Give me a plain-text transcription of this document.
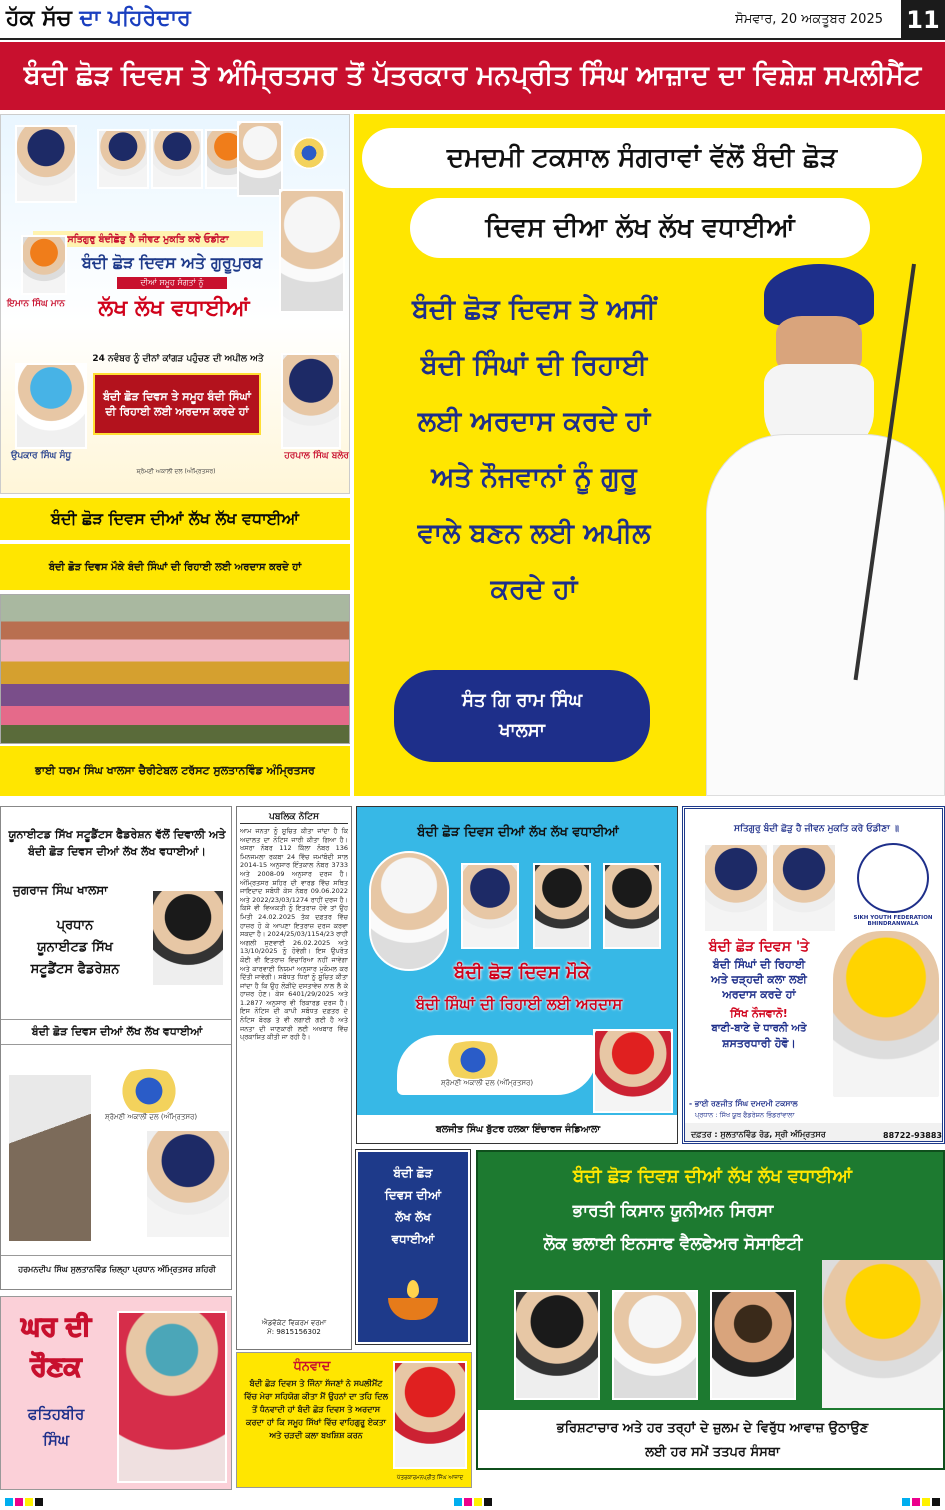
ਹੱਕ ਸੱਚ ਦਾ ਪਹਿਰੇਦਾਰ	ਸੋਮਵਾਰ, 20 ਅਕਤੂਬਰ 2025 11
ਬੰਦੀ ਛੋੜ ਦਿਵਸ ਤੇ ਅੰਮ੍ਰਿਤਸਰ ਤੋਂ ਪੱਤਰਕਾਰ ਮਨਪ੍ਰੀਤ ਸਿੰਘ ਆਜ਼ਾਦ ਦਾ ਵਿਸ਼ੇਸ਼ ਸਪਲੀਮੈਂਟ
ਸਤਿਗੁਰੁ ਬੰਦੀਛੋੜੁ ਹੈ ਜੀਵਣ ਮੁਕਤਿ ਕਰੇ ਓਡੀਣਾ
ਬੰਦੀ ਛੋੜ ਦਿਵਸ ਅਤੇ ਗੁਰੂਪੁਰਬ
ਦੀਆਂ ਸਮੂਹ ਸੰਗਤਾਂ ਨੂੰ
ਲੱਖ ਲੱਖ ਵਧਾਈਆਂ
ਇਮਾਨ ਸਿੰਘ ਮਾਨ
24 ਨਵੰਬਰ ਨੂੰ ਦੀਨਾਂ ਕਾਂਗੜ ਪਹੁੰਚਣ ਦੀ ਅਪੀਲ ਅਤੇ
ਬੰਦੀ ਛੋੜ ਦਿਵਸ ਤੇ ਸਮੂਹ ਬੰਦੀ ਸਿੰਘਾਂ ਦੀ ਰਿਹਾਈ ਲਈ ਅਰਦਾਸ ਕਰਦੇ ਹਾਂ
ਉਪਕਾਰ ਸਿੰਘ ਸੰਧੂ	ਹਰਪਾਲ ਸਿੰਘ ਬਲੇਰ
ਸ਼੍ਰੋਮਣੀ ਅਕਾਲੀ ਦਲ (ਅੰਮ੍ਰਿਤਸਰ)
ਬੰਦੀ ਛੋੜ ਦਿਵਸ ਦੀਆਂ ਲੱਖ ਲੱਖ ਵਧਾਈਆਂ
ਬੰਦੀ ਛੋੜ ਦਿਵਸ ਮੌਕੇ ਬੰਦੀ ਸਿੰਘਾਂ ਦੀ ਰਿਹਾਈ ਲਈ ਅਰਦਾਸ ਕਰਦੇ ਹਾਂ
ਭਾਈ ਧਰਮ ਸਿੰਘ ਖਾਲਸਾ ਚੈਰੀਟੇਬਲ ਟਰੱਸਟ ਸੁਲਤਾਨਵਿੰਡ ਅੰਮ੍ਰਿਤਸਰ
ਦਮਦਮੀ ਟਕਸਾਲ ਸੰਗਰਾਵਾਂ ਵੱਲੋਂ ਬੰਦੀ ਛੋੜ
ਦਿਵਸ ਦੀਆ ਲੱਖ ਲੱਖ ਵਧਾਈਆਂ
ਬੰਦੀ ਛੋੜ ਦਿਵਸ ਤੇ ਅਸੀਂ
ਬੰਦੀ ਸਿੰਘਾਂ ਦੀ ਰਿਹਾਈ
ਲਈ ਅਰਦਾਸ ਕਰਦੇ ਹਾਂ
ਅਤੇ ਨੌਜਵਾਨਾਂ ਨੂੰ ਗੁਰੂ
ਵਾਲੇ ਬਣਨ ਲਈ ਅਪੀਲ
ਕਰਦੇ ਹਾਂ
ਸੰਤ ਗਿ ਰਾਮ ਸਿੰਘ
ਖਾਲਸਾ
ਯੂਨਾਈਟਡ ਸਿੱਖ ਸਟੂਡੈਂਟਸ ਫੈਡਰੇਸ਼ਨ ਵੱਲੋਂ ਦਿਵਾਲੀ ਅਤੇ ਬੰਦੀ ਛੋੜ ਦਿਵਸ ਦੀਆਂ ਲੱਖ ਲੱਖ ਵਧਾਈਆਂ।
ਜੁਗਰਾਜ ਸਿੰਘ ਖਾਲਸਾ
ਪ੍ਰਧਾਨ
ਯੂਨਾਈਟਡ ਸਿੱਖ
ਸਟੂਡੈਂਟਸ ਫੈਡਰੇਸ਼ਨ
ਬੰਦੀ ਛੋੜ ਦਿਵਸ ਦੀਆਂ ਲੱਖ ਲੱਖ ਵਧਾਈਆਂ
ਸ਼੍ਰੋਮਣੀ ਅਕਾਲੀ ਦਲ (ਅੰਮ੍ਰਿਤਸਰ)
ਹਰਮਨਦੀਪ ਸਿੰਘ ਸੁਲਤਾਨਵਿੰਡ ਜ਼ਿਲ੍ਹਾ ਪ੍ਰਧਾਨ ਅੰਮ੍ਰਿਤਸਰ ਸ਼ਹਿਰੀ
ਪਬਲਿਕ ਨੋਟਿਸ
ਆਮ ਜਨਤਾ ਨੂੰ ਸੂਚਿਤ ਕੀਤਾ ਜਾਂਦਾ ਹੈ ਕਿ ਅਦਾਲਤ ਦਾ ਨੋਟਿਸ ਜਾਰੀ ਕੀਤਾ ਗਿਆ ਹੈ। ਖਸਰਾ ਨੰਬਰ 112 ਕਿੱਲਾ ਨੰਬਰ 136 ਮਿਨਜਮਲਾ ਰਕਬਾ 24 ਵਿੱਚ ਜਮਾਂਬੰਦੀ ਸਾਲ 2014-15 ਅਨੁਸਾਰ ਇੰਤਕਾਲ ਨੰਬਰ 3733 ਅਤੇ 2008-09 ਅਨੁਸਾਰ ਦਰਜ ਹੈ। ਅੰਮ੍ਰਿਤਸਰ ਸ਼ਹਿਰ ਦੀ ਵਾਰਡ ਵਿੱਚ ਸਥਿਤ ਜਾਇਦਾਦ ਸਬੰਧੀ ਕੇਸ ਨੰਬਰ 09.06.2022 ਅਤੇ 2022/23/03/1274 ਰਾਹੀਂ ਦਰਜ ਹੈ। ਕਿਸੇ ਵੀ ਵਿਅਕਤੀ ਨੂੰ ਇਤਰਾਜ਼ ਹੋਵੇ ਤਾਂ ਉਹ ਮਿਤੀ 24.02.2025 ਤੱਕ ਦਫ਼ਤਰ ਵਿੱਚ ਹਾਜ਼ਰ ਹੋ ਕੇ ਆਪਣਾ ਇਤਰਾਜ਼ ਦਰਜ ਕਰਵਾ ਸਕਦਾ ਹੈ। 2024/25/03/1154/23 ਰਾਹੀਂ ਅਗਲੀ ਸੁਣਵਾਈ 26.02.2025 ਅਤੇ 13/10/2025 ਨੂੰ ਹੋਵੇਗੀ। ਇਸ ਉਪਰੰਤ ਕੋਈ ਵੀ ਇਤਰਾਜ਼ ਵਿਚਾਰਿਆ ਨਹੀਂ ਜਾਵੇਗਾ ਅਤੇ ਕਾਰਵਾਈ ਨਿਯਮਾਂ ਅਨੁਸਾਰ ਮੁਕੰਮਲ ਕਰ ਦਿੱਤੀ ਜਾਵੇਗੀ। ਸਬੰਧਤ ਧਿਰਾਂ ਨੂੰ ਸੂਚਿਤ ਕੀਤਾ ਜਾਂਦਾ ਹੈ ਕਿ ਉਹ ਲੋੜੀਂਦੇ ਦਸਤਾਵੇਜ਼ ਨਾਲ ਲੈ ਕੇ ਹਾਜ਼ਰ ਹੋਣ। ਕੇਸ 6401/29/2025 ਅਤੇ 1.2877 ਅਨੁਸਾਰ ਵੀ ਰਿਕਾਰਡ ਦਰਜ ਹੈ। ਇਸ ਨੋਟਿਸ ਦੀ ਕਾਪੀ ਸਬੰਧਤ ਦਫ਼ਤਰ ਦੇ ਨੋਟਿਸ ਬੋਰਡ ਤੇ ਵੀ ਲਗਾਈ ਗਈ ਹੈ ਅਤੇ ਜਨਤਾ ਦੀ ਜਾਣਕਾਰੀ ਲਈ ਅਖਬਾਰ ਵਿੱਚ ਪ੍ਰਕਾਸ਼ਿਤ ਕੀਤੀ ਜਾ ਰਹੀ ਹੈ।
ਐਡਵੋਕੇਟ ਵਿਕਰਮ ਵਰਮਾ
ਮੋ: 9815156302
ਬੰਦੀ ਛੋੜ ਦਿਵਸ ਦੀਆਂ ਲੱਖ ਲੱਖ ਵਧਾਈਆਂ
ਬੰਦੀ ਛੋੜ ਦਿਵਸ ਮੌਕੇ
ਬੰਦੀ ਸਿੰਘਾਂ ਦੀ ਰਿਹਾਈ ਲਈ ਅਰਦਾਸ
ਸ਼੍ਰੋਮਣੀ ਅਕਾਲੀ ਦਲ (ਅੰਮ੍ਰਿਤਸਰ)
ਬਲਜੀਤ ਸਿੰਘ ਬੁੱਟਰ ਹਲਕਾ ਇੰਚਾਰਜ ਜੰਡਿਆਲਾ
ਸਤਿਗੁਰੁ ਬੰਦੀ ਛੋੜੁ ਹੈ ਜੀਵਨ ਮੁਕਤਿ ਕਰੇ ਓਡੀਣਾ ॥
SIKH YOUTH FEDERATION BHINDRANWALA
ਬੰਦੀ ਛੋੜ ਦਿਵਸ 'ਤੇ
ਬੰਦੀ ਸਿੰਘਾਂ ਦੀ ਰਿਹਾਈ
ਅਤੇ ਚੜ੍ਹਦੀ ਕਲਾ ਲਈ
ਅਰਦਾਸ ਕਰਦੇ ਹਾਂ
ਸਿੱਖ ਨੌਜਵਾਨੋ!
ਬਾਣੀ-ਬਾਣੇ ਦੇ ਧਾਰਨੀ ਅਤੇ
ਸ਼ਸਤਰਧਾਰੀ ਹੋਵੋ।
- ਭਾਈ ਰਣਜੀਤ ਸਿੰਘ ਦਮਦਮੀ ਟਕਸਾਲ
ਪ੍ਰਧਾਨ : ਸਿੱਖ ਯੂਥ ਫੈਡਰੇਸ਼ਨ ਭਿੰਡਰਾਂਵਾਲਾ
ਦਫ਼ਤਰ : ਸੁਲਤਾਨਵਿੰਡ ਰੋਡ, ਸ੍ਰੀ ਅੰਮ੍ਰਿਤਸਰ	88722-93883
ਬੰਦੀ ਛੋੜ
ਦਿਵਸ ਦੀਆਂ
ਲੱਖ ਲੱਖ
ਵਧਾਈਆਂ
ਬੰਦੀ ਛੋੜ ਦਿਵਸ਼ ਦੀਆਂ ਲੱਖ ਲੱਖ ਵਧਾਈਆਂ
ਭਾਰਤੀ ਕਿਸਾਨ ਯੂਨੀਅਨ ਸਿਰਸਾ
ਲੋਕ ਭਲਾਈ ਇਨਸਾਫ ਵੈਲਫੇਅਰ ਸੋਸਾਇਟੀ
ਭਰਿਸ਼ਟਾਚਾਰ ਅਤੇ ਹਰ ਤਰ੍ਹਾਂ ਦੇ ਜ਼ੁਲਮ ਦੇ ਵਿਰੁੱਧ ਆਵਾਜ਼ ਉਠਾਉਣ
ਲਈ ਹਰ ਸਮੇਂ ਤਤਪਰ ਸੰਸਥਾ
ਘਰ ਦੀ
ਰੌਣਕ
ਫਤਿਹਬੀਰ
ਸਿੰਘ
ਧੰਨਵਾਦ
ਬੰਦੀ ਛੋੜ ਦਿਵਸ ਤੇ ਜਿੰਨਾ ਸੱਜਣਾਂ ਨੇ ਸਪਲੀਮੈਂਟ ਵਿੱਚ ਮੇਰਾ ਸਹਿਯੋਗ ਕੀਤਾ ਮੈਂ ਉਹਨਾਂ ਦਾ ਤਹਿ ਦਿਲ ਤੋਂ ਧੰਨਵਾਦੀ ਹਾਂ ਬੰਦੀ ਛੋੜ ਦਿਵਸ ਤੇ ਅਰਦਾਸ ਕਰਦਾ ਹਾਂ ਕਿ ਸਮੂਹ ਸਿੱਖਾਂ ਵਿੱਚ ਵਾਹਿਗੁਰੂ ਏਕਤਾ ਅਤੇ ਚੜਦੀ ਕਲਾ ਬਖਸ਼ਿਸ਼ ਕਰਨ
ਪੱਤਰਕਾਰਮਨਪ੍ਰੀਤ ਸਿੰਘ ਆਜ਼ਾਦ
